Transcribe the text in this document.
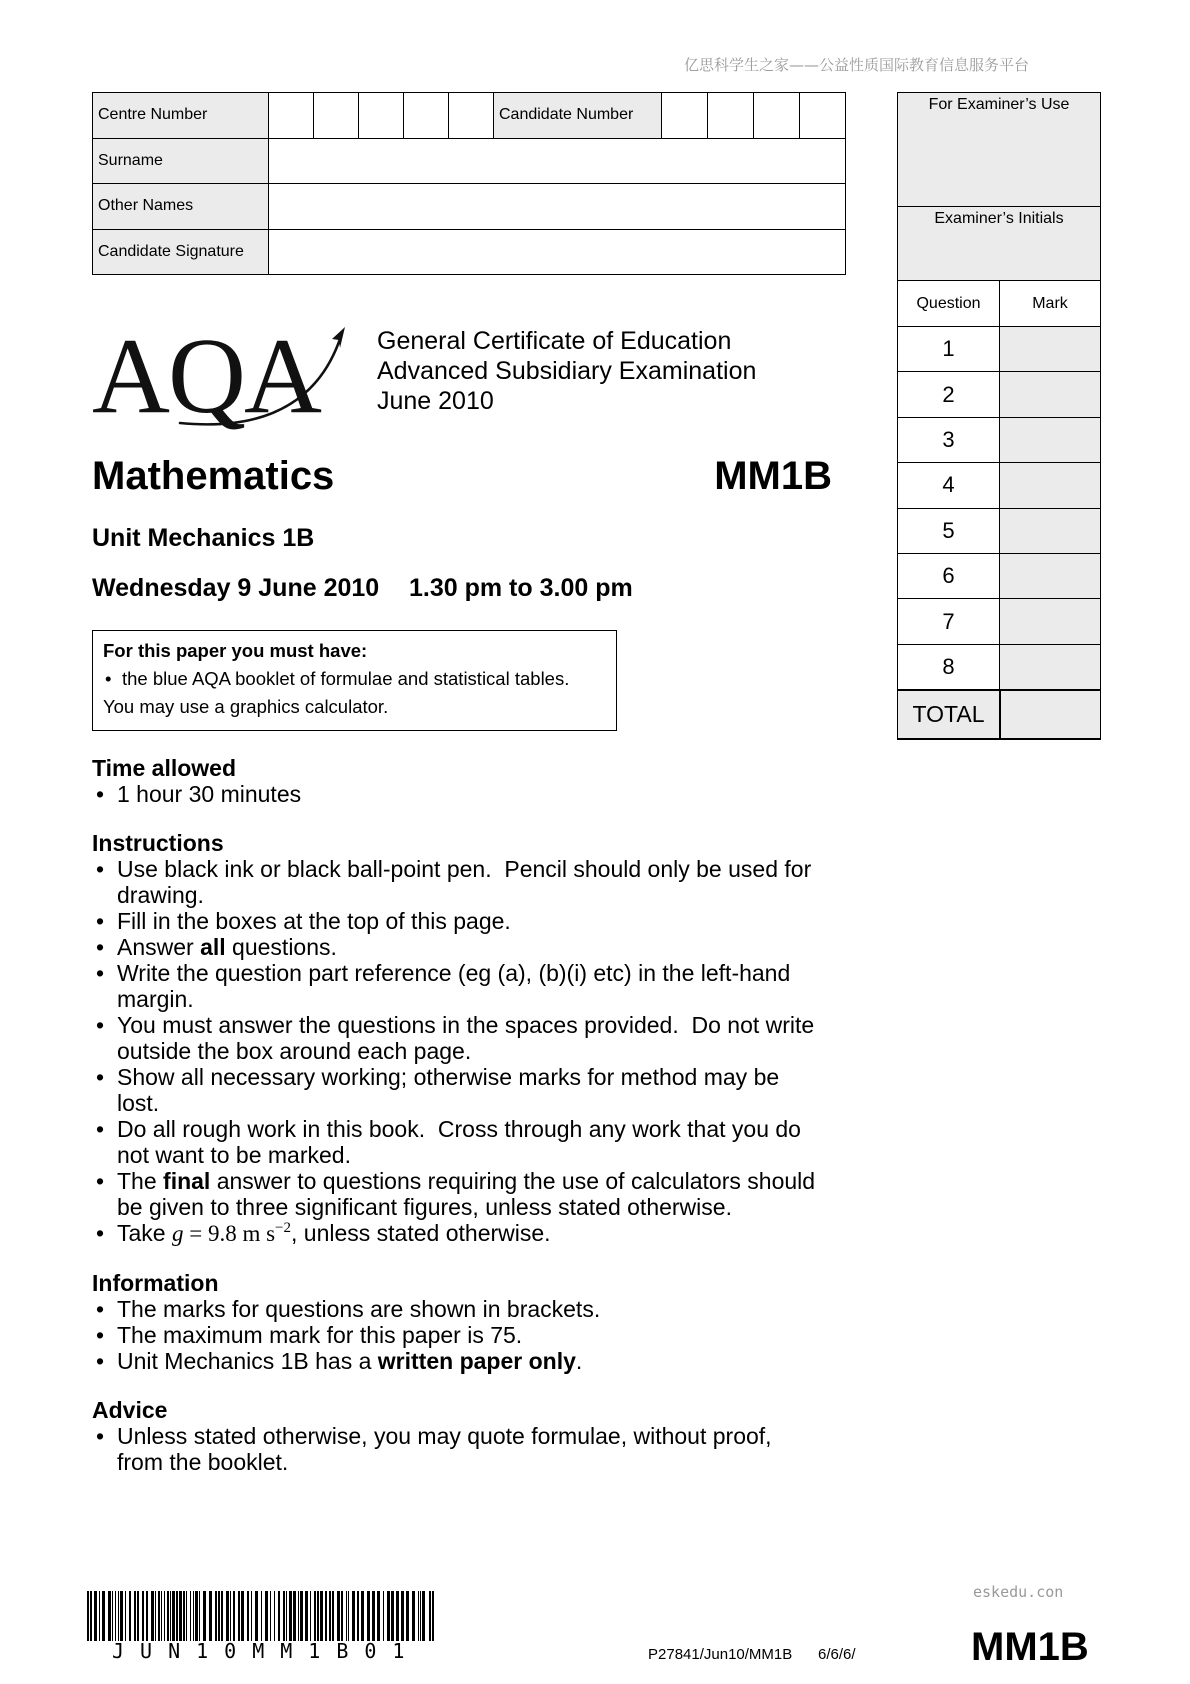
亿思科学生之家——公益性质国际教育信息服务平台
Centre Number						Candidate Number				
Surname										
Other Names										
Candidate Signature										
For Examiner’s Use
Examiner’s Initials
Question	Mark
1
2
3
4
5
6
7
8
TOTAL
AQA General Certificate of Education
Advanced Subsidiary Examination
June 2010
Mathematics	MM1B
Unit Mechanics 1B
Wednesday 9 June 2010 1.30 pm to 3.00 pm
For this paper you must have:
• the blue AQA booklet of formulae and statistical tables.
You may use a graphics calculator.
Time allowed
• 1 hour 30 minutes
Instructions
• Use black ink or black ball-point pen.  Pencil should only be used for
drawing.
• Fill in the boxes at the top of this page.
• Answer all questions.
• Write the question part reference (eg (a), (b)(i) etc) in the left-hand
margin.
• You must answer the questions in the spaces provided.  Do not write
outside the box around each page.
• Show all necessary working; otherwise marks for method may be
lost.
• Do all rough work in this book.  Cross through any work that you do
not want to be marked.
• The final answer to questions requiring the use of calculators should
be given to three significant figures, unless stated otherwise.
• Take g = 9.8 m $s^{-2}$, unless stated otherwise.
Information
• The marks for questions are shown in brackets.
• The maximum mark for this paper is 75.
• Unit Mechanics 1B has a written paper only.
Advice
• Unless stated otherwise, you may quote formulae, without proof,
from the booklet.
JUN10MM1B01
eskedu.con
P27841/Jun10/MM1B 6/6/6/	MM1B
